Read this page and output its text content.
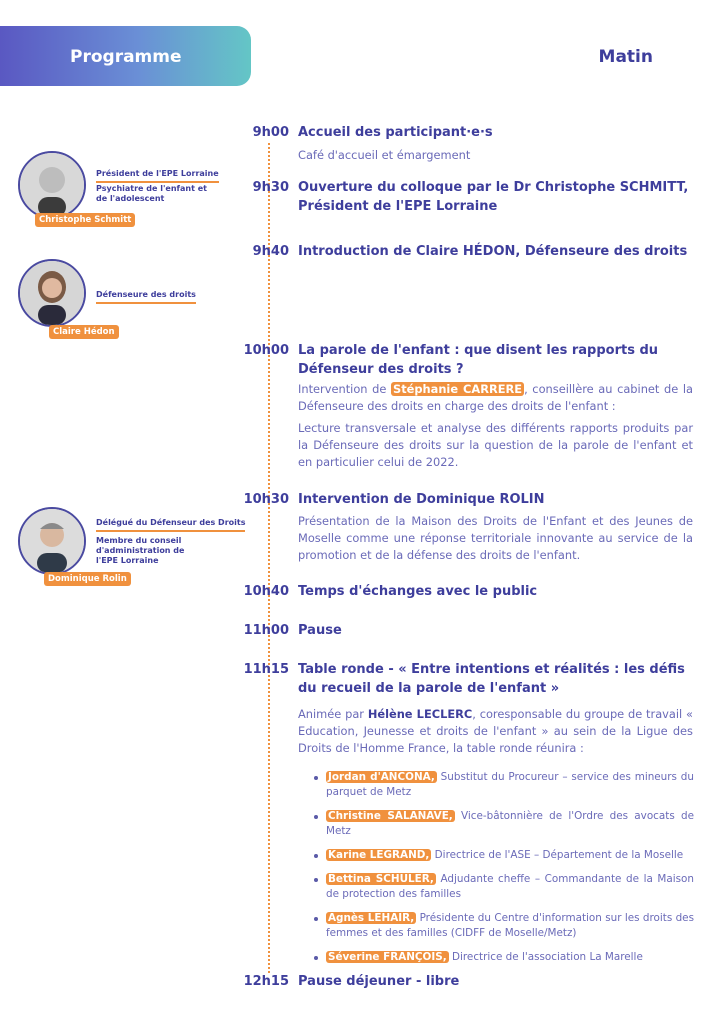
Programme	Matin
Président de l'EPE Lorraine
Psychiatre de l'enfant et de l'adolescent
Christophe Schmitt
Défenseure des droits
Claire Hédon
Délégué du Défenseur des Droits
Membre du conseil d'administration de l'EPE Lorraine
Dominique Rolin
9h00 Accueil des participant·e·s
Café d'accueil et émargement
9h30 Ouverture du colloque par le Dr Christophe SCHMITT, Président de l'EPE Lorraine
9h40 Introduction de Claire HÉDON, Défenseure des droits
10h00 La parole de l'enfant : que disent les rapports du Défenseur des droits ?
Intervention de Stéphanie CARRERE , conseillère au cabinet de la Défenseure des droits en charge des droits de l'enfant :
Lecture transversale et analyse des différents rapports produits par la Défenseure des droits sur la question de la parole de l'enfant et en particulier celui de 2022.
10h30 Intervention de Dominique ROLIN
Présentation de la Maison des Droits de l'Enfant et des Jeunes de Moselle comme une réponse territoriale innovante au service de la promotion et de la défense des droits de l'enfant.
10h40 Temps d'échanges avec le public
11h00 Pause
11h15 Table ronde - « Entre intentions et réalités : les défis du recueil de la parole de l'enfant »
Animée par Hélène LECLERC, coresponsable du groupe de travail « Education, Jeunesse et droits de l'enfant » au sein de la Ligue des Droits de l'Homme France, la table ronde réunira :
Jordan d'ANCONA, Substitut du Procureur – service des mineurs du parquet de Metz
Christine SALANAVE, Vice-bâtonnière de l'Ordre des avocats de Metz
Karine LEGRAND, Directrice de l'ASE – Département de la Moselle
Bettina SCHULER, Adjudante cheffe – Commandante de la Maison de protection des familles
Agnès LEHAIR, Présidente du Centre d'information sur les droits des femmes et des familles (CIDFF de Moselle/Metz)
Séverine FRANÇOIS, Directrice de l'association La Marelle
12h15 Pause déjeuner - libre
